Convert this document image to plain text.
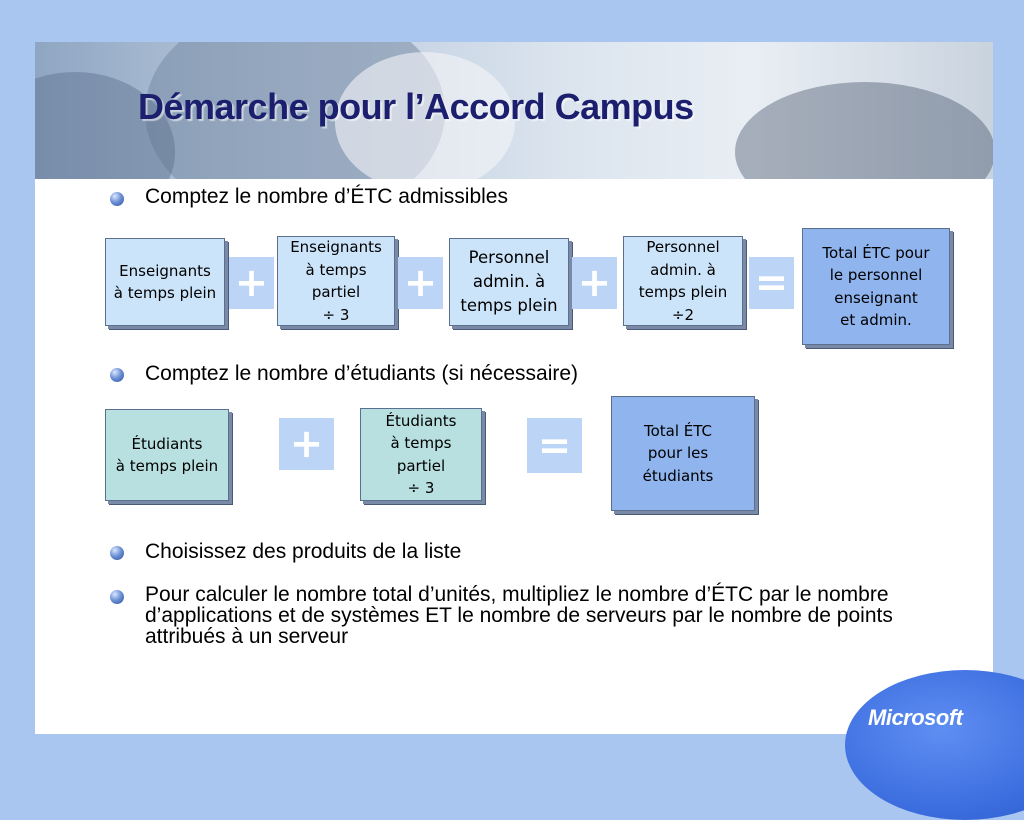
Démarche pour l’Accord Campus
Comptez le nombre d’ÉTC admissibles
Enseignants
à temps plein +
Enseignants
à temps
partiel
÷ 3
+
Personnel
admin. à
temps plein +
Personnel
admin. à
temps plein
÷2
=
Total ÉTC pour
le personnel
enseignant
et admin.
Comptez le nombre d’étudiants (si nécessaire)
Étudiants
à temps plein +
Étudiants
à temps
partiel
÷ 3
=	Total ÉTC
pour les
étudiants
Choisissez des produits de la liste
Pour calculer le nombre total d’unités, multipliez le nombre d’ÉTC par le nombre d’applications et de systèmes ET le nombre de serveurs par le nombre de points attribués à un serveur
Microsoft
